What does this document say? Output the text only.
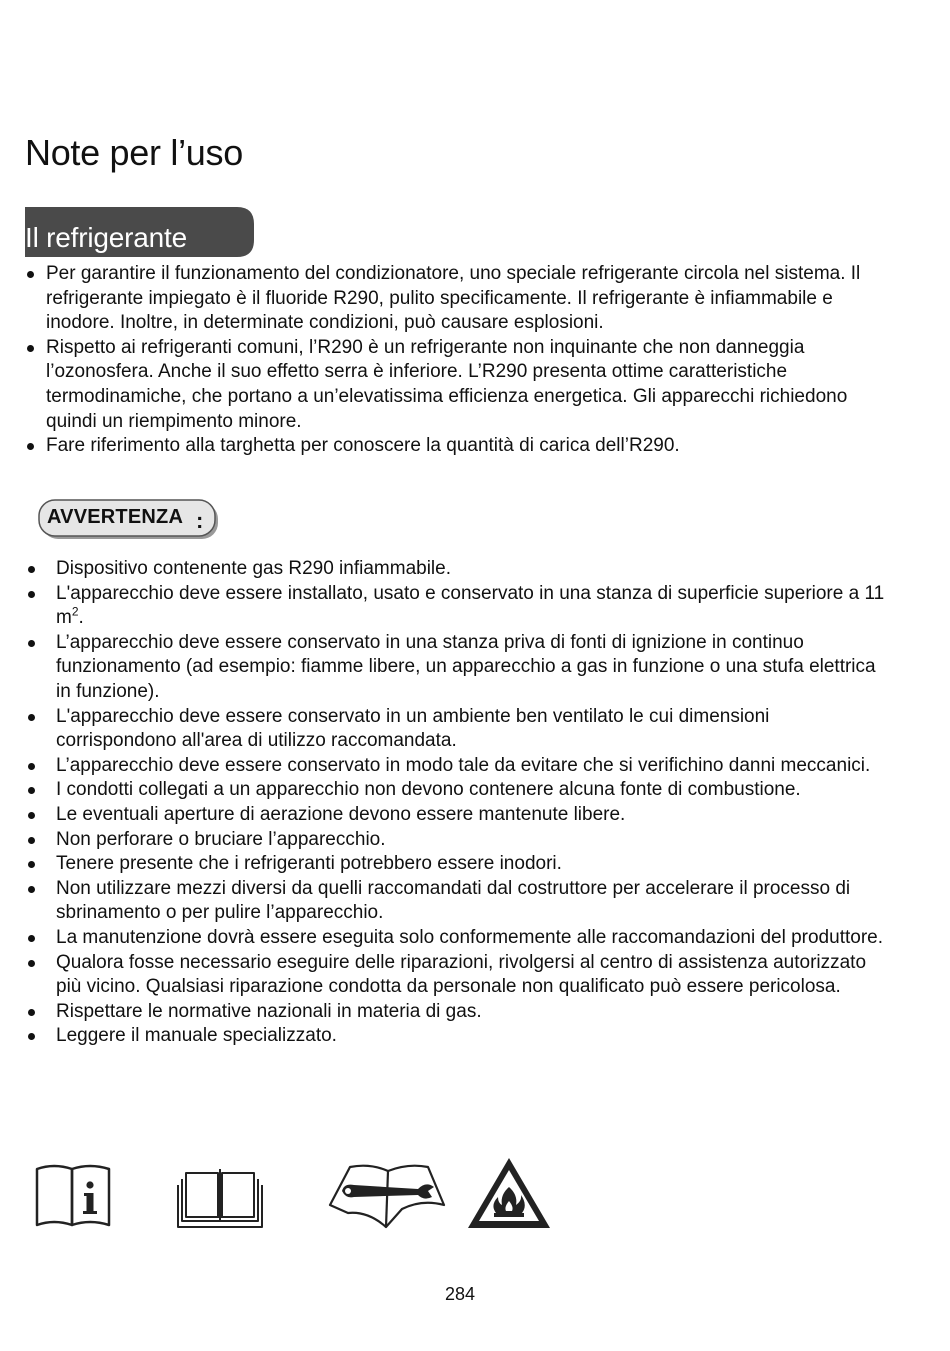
Note per l’uso
Il refrigerante
Per garantire il funzionamento del condizionatore, uno speciale refrigerante circola nel sistema. Il refrigerante impiegato è il fluoride R290, pulito specificamente. Il refrigerante è infiammabile e inodore. Inoltre, in determinate condizioni, può causare esplosioni.
Rispetto ai refrigeranti comuni, l’R290 è un refrigerante non inquinante che non danneggia l’ozonosfera. Anche il suo effetto serra è inferiore. L’R290 presenta ottime caratteristiche termodinamiche, che portano a un’elevatissima efficienza energetica. Gli apparecchi richiedono quindi un riempimento minore.
Fare riferimento alla targhetta per conoscere la quantità di carica dell’R290.
AVVERTENZA :
Dispositivo contenente gas R290 infiammabile.
L'apparecchio deve essere installato, usato e conservato in una stanza di superficie superiore a 11 $m^2$.
L’apparecchio deve essere conservato in una stanza priva di fonti di ignizione in continuo funzionamento (ad esempio: fiamme libere, un apparecchio a gas in funzione o una stufa elettrica in funzione).
L'apparecchio deve essere conservato in un ambiente ben ventilato le cui dimensioni corrispondono all'area di utilizzo raccomandata.
L’apparecchio deve essere conservato in modo tale da evitare che si verifichino danni meccanici.
I condotti collegati a un apparecchio non devono contenere alcuna fonte di combustione.
Le eventuali aperture di aerazione devono essere mantenute libere.
Non perforare o bruciare l’apparecchio.
Tenere presente che i refrigeranti potrebbero essere inodori.
Non utilizzare mezzi diversi da quelli raccomandati dal costruttore per accelerare il processo di sbrinamento o per pulire l’apparecchio.
La manutenzione dovrà essere eseguita solo conformemente alle raccomandazioni del produttore.
Qualora fosse necessario eseguire delle riparazioni, rivolgersi al centro di assistenza autorizzato più vicino. Qualsiasi riparazione condotta da personale non qualificato può essere pericolosa.
Rispettare le normative nazionali in materia di gas.
Leggere il manuale specializzato.
284
